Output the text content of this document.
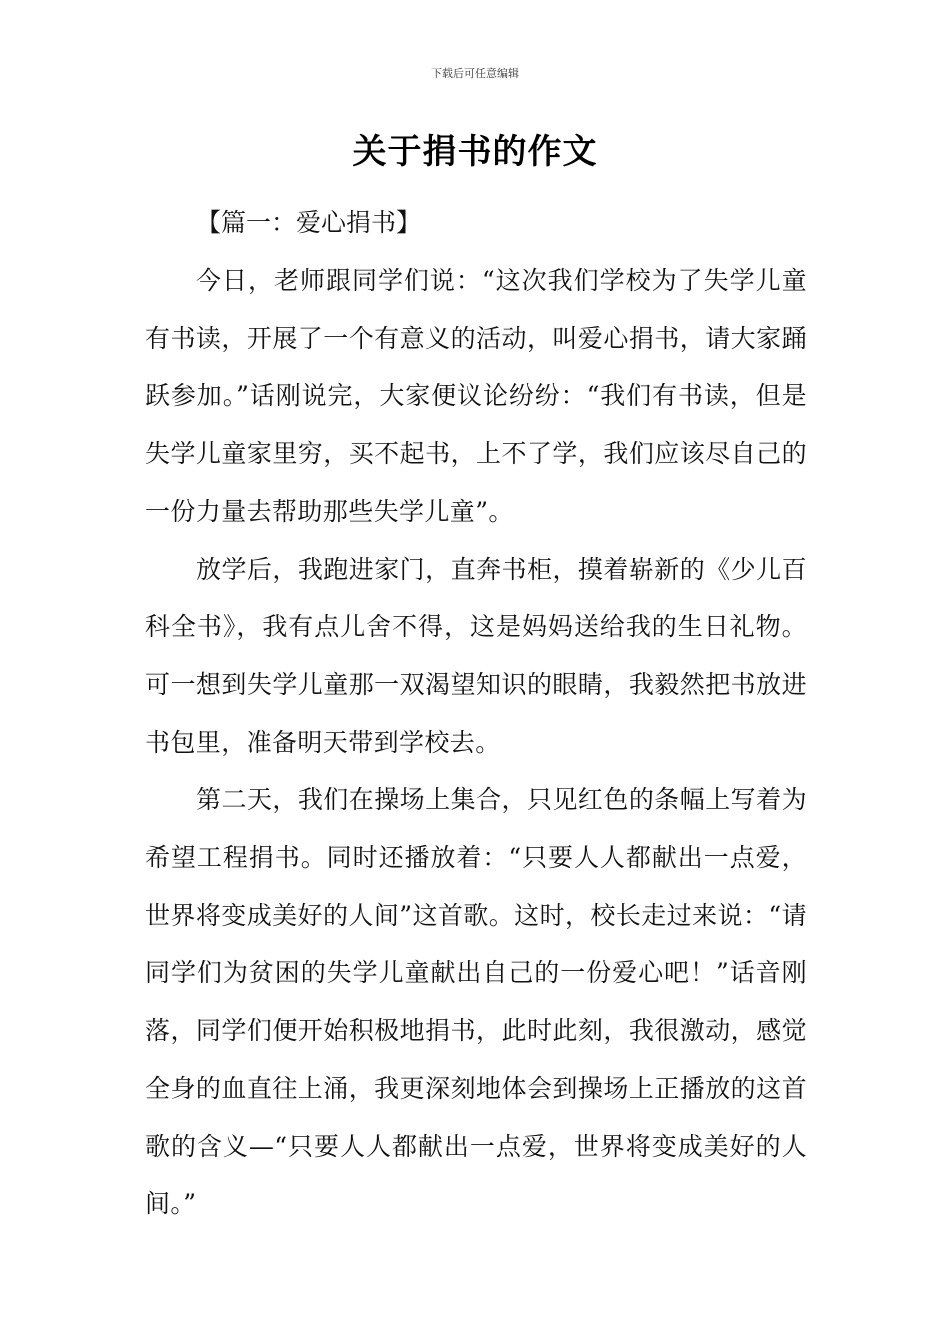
下载后可任意编辑
关于捐书的作文
【篇一：爱心捐书】

今日，老师跟同学们说：“这次我们学校为了失学儿童有书读，开展了一个有意义的活动，叫爱心捐书，请大家踊跃参加。”话刚说完，大家便议论纷纷：“我们有书读，但是失学儿童家里穷，买不起书，上不了学，我们应该尽自己的一份力量去帮助那些失学儿童”。

放学后，我跑进家门，直奔书柜，摸着崭新的《少儿百科全书》，我有点儿舍不得，这是妈妈送给我的生日礼物。可一想到失学儿童那一双渴望知识的眼睛，我毅然把书放进书包里，准备明天带到学校去。

第二天，我们在操场上集合，只见红色的条幅上写着为希望工程捐书。同时还播放着：“只要人人都献出一点爱，世界将变成美好的人间”这首歌。这时，校长走过来说：“请同学们为贫困的失学儿童献出自己的一份爱心吧！”话音刚落，同学们便开始积极地捐书，此时此刻，我很激动，感觉全身的血直往上涌，我更深刻地体会到操场上正播放的这首歌的含义—“只要人人都献出一点爱，世界将变成美好的人间。”
